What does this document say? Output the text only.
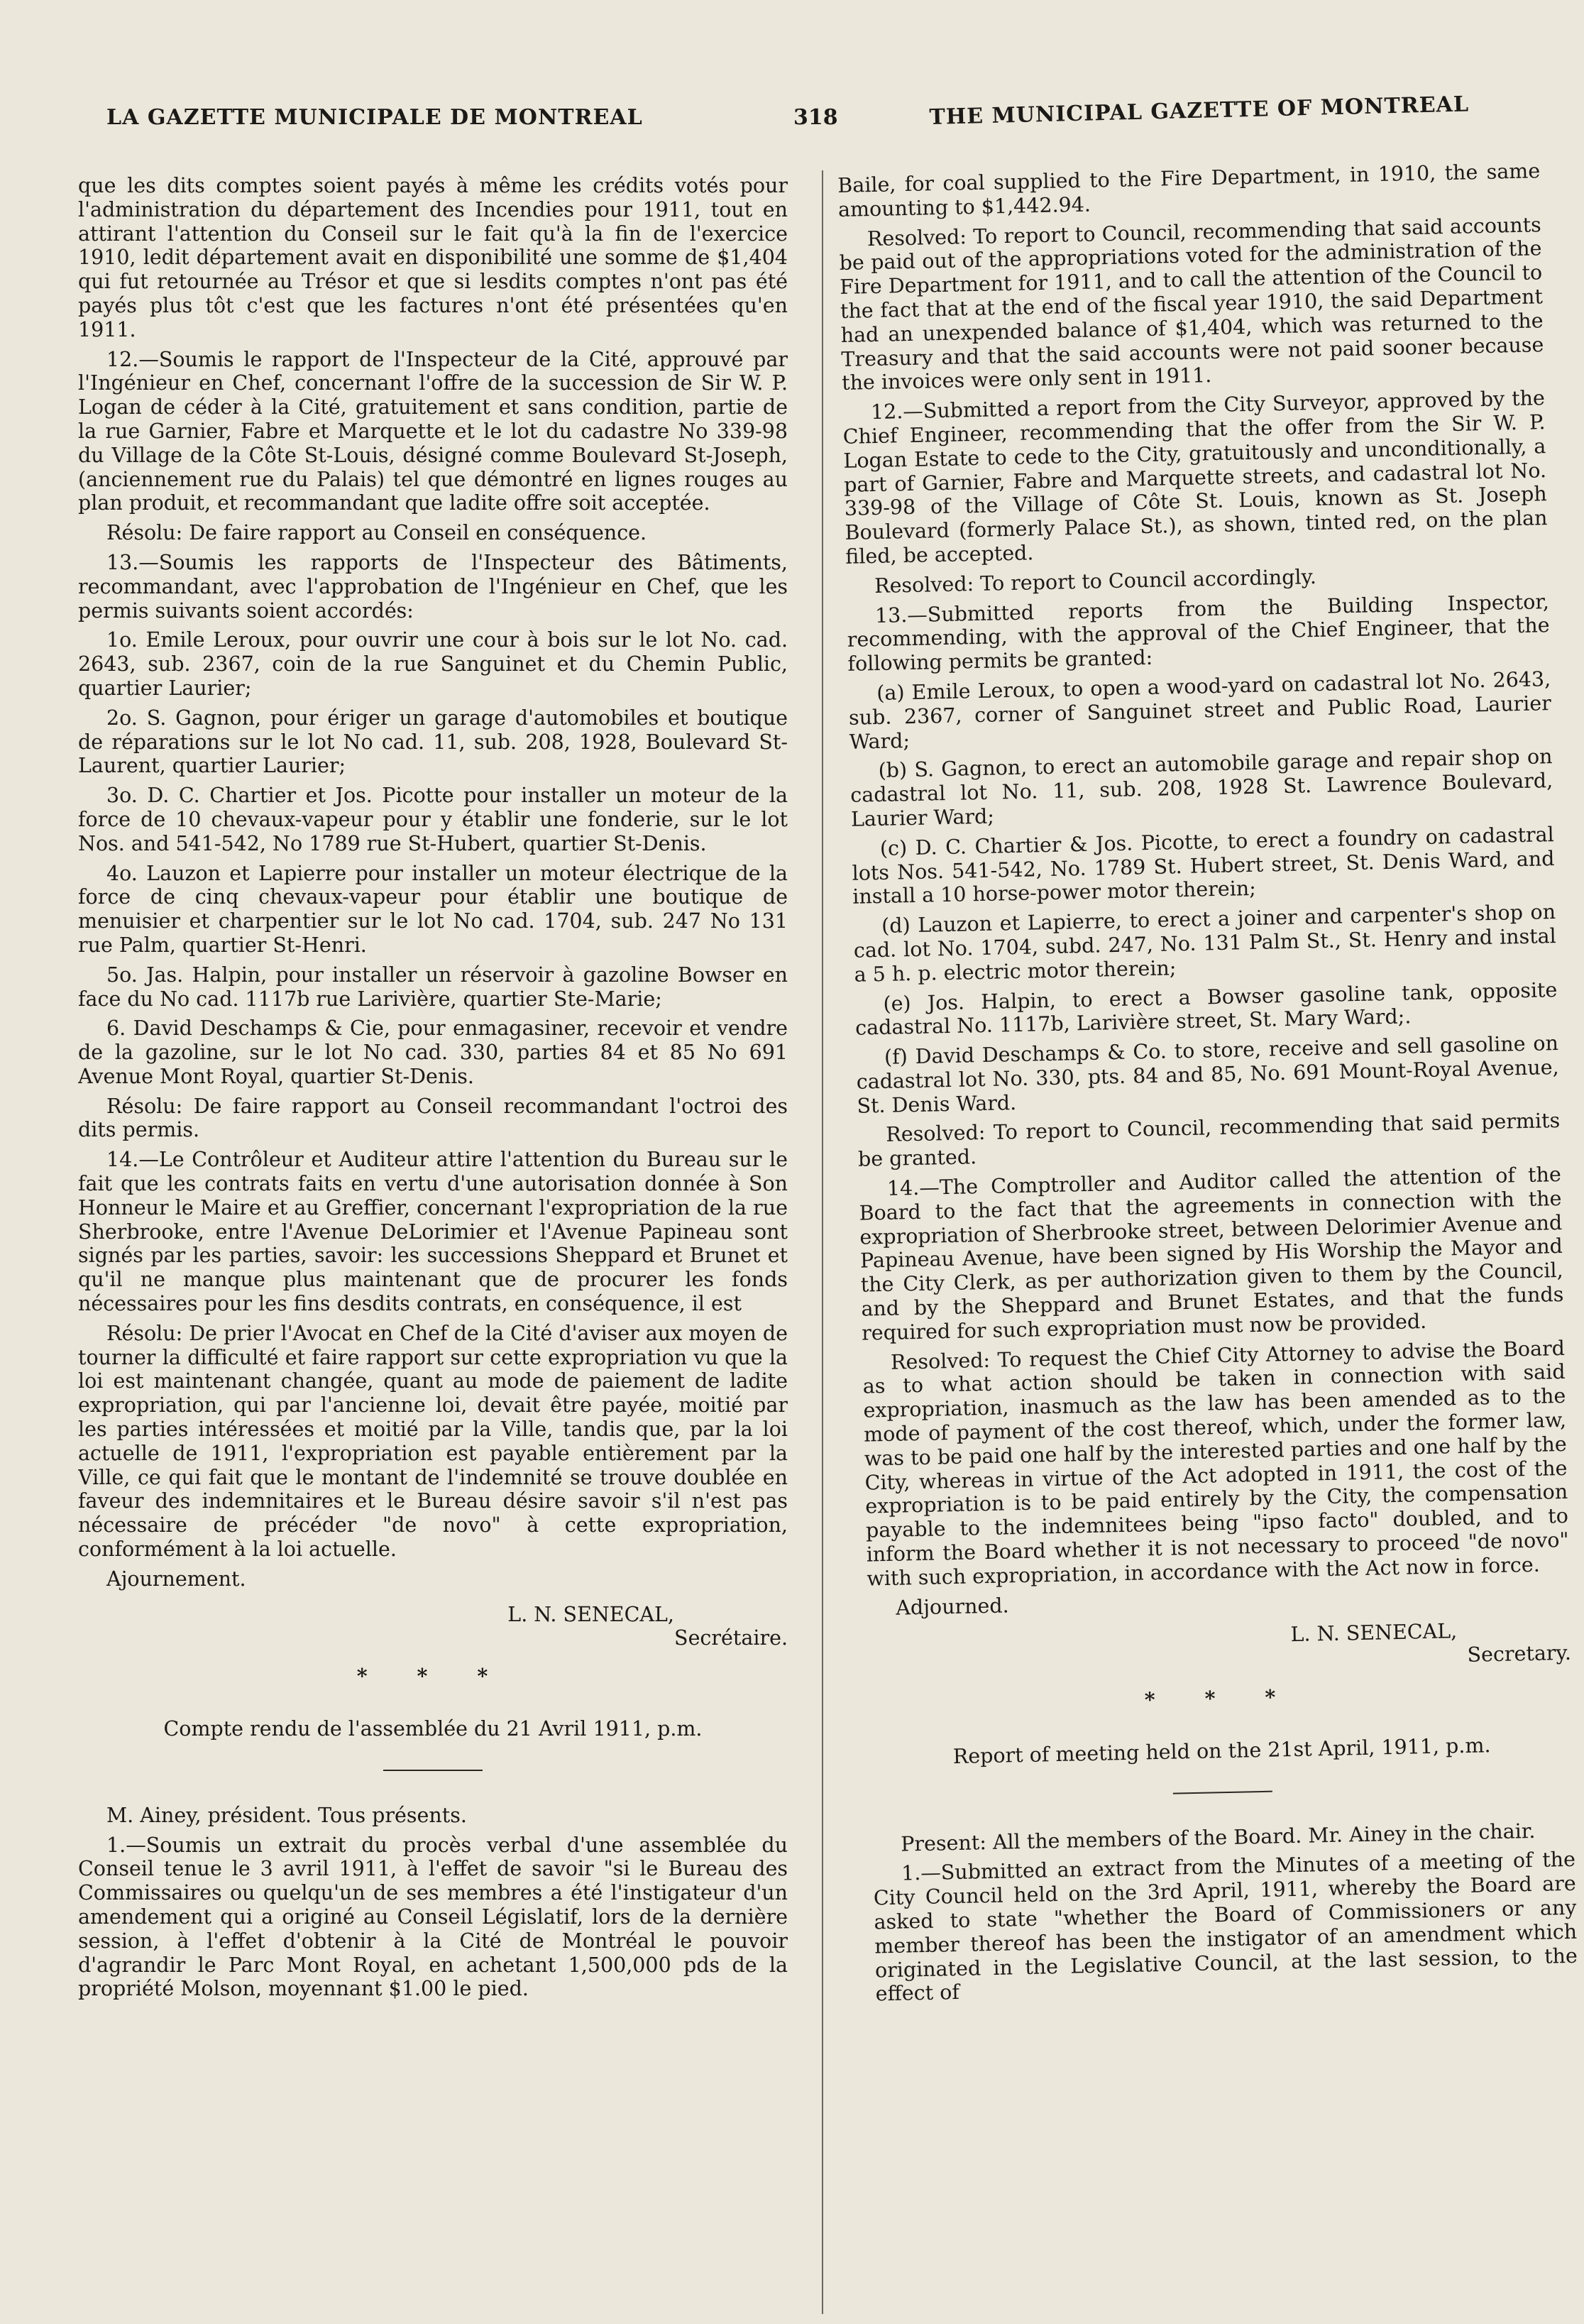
LA GAZETTE MUNICIPALE DE MONTREAL	318	THE MUNICIPAL GAZETTE OF MONTREAL

que les dits comptes soient payés à même les crédits votés pour l'administration du département des Incendies pour 1911, tout en attirant l'attention du Conseil sur le fait qu'à la fin de l'exercice 1910, ledit département avait en disponibilité une somme de $1,404 qui fut retournée au Trésor et que si lesdits comptes n'ont pas été payés plus tôt c'est que les factures n'ont été présentées qu'en 1911.

12.—Soumis le rapport de l'Inspecteur de la Cité, approuvé par l'Ingénieur en Chef, concernant l'offre de la succession de Sir W. P. Logan de céder à la Cité, gratuitement et sans condition, partie de la rue Garnier, Fabre et Marquette et le lot du cadastre No 339-98 du Village de la Côte St-Louis, désigné comme Boulevard St-Joseph, (anciennement rue du Palais) tel que démontré en lignes rouges au plan produit, et recommandant que ladite offre soit acceptée.

Résolu: De faire rapport au Conseil en conséquence.

13.—Soumis les rapports de l'Inspecteur des Bâtiments, recommandant, avec l'approbation de l'Ingénieur en Chef, que les permis suivants soient accordés:

1o. Emile Leroux, pour ouvrir une cour à bois sur le lot No. cad. 2643, sub. 2367, coin de la rue Sanguinet et du Chemin Public, quartier Laurier;

2o. S. Gagnon, pour ériger un garage d'automobiles et boutique de réparations sur le lot No cad. 11, sub. 208, 1928, Boulevard St-Laurent, quartier Laurier;

3o. D. C. Chartier et Jos. Picotte pour installer un moteur de la force de 10 chevaux-vapeur pour y établir une fonderie, sur le lot Nos. and 541-542, No 1789 rue St-Hubert, quartier St-Denis.

4o. Lauzon et Lapierre pour installer un moteur électrique de la force de cinq chevaux-vapeur pour établir une boutique de menuisier et charpentier sur le lot No cad. 1704, sub. 247 No 131 rue Palm, quartier St-Henri.

5o. Jas. Halpin, pour installer un réservoir à gazoline Bowser en face du No cad. 1117b rue Larivière, quartier Ste-Marie;

6. David Deschamps & Cie, pour enmagasiner, recevoir et vendre de la gazoline, sur le lot No cad. 330, parties 84 et 85 No 691 Avenue Mont Royal, quartier St-Denis.

Résolu: De faire rapport au Conseil recommandant l'octroi des dits permis.

14.—Le Contrôleur et Auditeur attire l'attention du Bureau sur le fait que les contrats faits en vertu d'une autorisation donnée à Son Honneur le Maire et au Greffier, concernant l'expropriation de la rue Sherbrooke, entre l'Avenue DeLorimier et l'Avenue Papineau sont signés par les parties, savoir: les successions Sheppard et Brunet et qu'il ne manque plus maintenant que de procurer les fonds nécessaires pour les fins desdits contrats, en conséquence, il est

Résolu: De prier l'Avocat en Chef de la Cité d'aviser aux moyen de tourner la difficulté et faire rapport sur cette expropriation vu que la loi est maintenant changée, quant au mode de paiement de ladite expropriation, qui par l'ancienne loi, devait être payée, moitié par les parties intéressées et moitié par la Ville, tandis que, par la loi actuelle de 1911, l'expropriation est payable entièrement par la Ville, ce qui fait que le montant de l'indemnité se trouve doublée en faveur des indemnitaires et le Bureau désire savoir s'il n'est pas nécessaire de précéder "de novo" à cette expropriation, conformément à la loi actuelle.

Ajournement.

L. N. SENECAL,

Secrétaire.

* * *

Compte rendu de l'assemblée du 21 Avril 1911, p.m.

M. Ainey, président. Tous présents.

1.—Soumis un extrait du procès verbal d'une assemblée du Conseil tenue le 3 avril 1911, à l'effet de savoir "si le Bureau des Commissaires ou quelqu'un de ses membres a été l'instigateur d'un amendement qui a originé au Conseil Législatif, lors de la dernière session, à l'effet d'obtenir à la Cité de Montréal le pouvoir d'agrandir le Parc Mont Royal, en achetant 1,500,000 pds de la propriété Molson, moyennant $1.00 le pied.

Baile, for coal supplied to the Fire Department, in 1910, the same amounting to $1,442.94.

Resolved: To report to Council, recommending that said accounts be paid out of the appropriations voted for the administration of the Fire Department for 1911, and to call the attention of the Council to the fact that at the end of the fiscal year 1910, the said Department had an unexpended balance of $1,404, which was returned to the Treasury and that the said accounts were not paid sooner because the invoices were only sent in 1911.

12.—Submitted a report from the City Surveyor, approved by the Chief Engineer, recommending that the offer from the Sir W. P. Logan Estate to cede to the City, gratuitously and unconditionally, a part of Garnier, Fabre and Marquette streets, and cadastral lot No. 339-98 of the Village of Côte St. Louis, known as St. Joseph Boulevard (formerly Palace St.), as shown, tinted red, on the plan filed, be accepted.

Resolved: To report to Council accordingly.

13.—Submitted reports from the Building Inspector, recommending, with the approval of the Chief Engineer, that the following permits be granted:

(a) Emile Leroux, to open a wood-yard on cadastral lot No. 2643, sub. 2367, corner of Sanguinet street and Public Road, Laurier Ward;

(b) S. Gagnon, to erect an automobile garage and repair shop on cadastral lot No. 11, sub. 208, 1928 St. Lawrence Boulevard, Laurier Ward;

(c) D. C. Chartier & Jos. Picotte, to erect a foundry on cadastral lots Nos. 541-542, No. 1789 St. Hubert street, St. Denis Ward, and install a 10 horse-power motor therein;

(d) Lauzon et Lapierre, to erect a joiner and carpenter's shop on cad. lot No. 1704, subd. 247, No. 131 Palm St., St. Henry and instal a 5 h. p. electric motor therein;

(e) Jos. Halpin, to erect a Bowser gasoline tank, opposite cadastral No. 1117b, Larivière street, St. Mary Ward;.

(f) David Deschamps & Co. to store, receive and sell gasoline on cadastral lot No. 330, pts. 84 and 85, No. 691 Mount-Royal Avenue, St. Denis Ward.

Resolved: To report to Council, recommending that said permits be granted.

14.—The Comptroller and Auditor called the attention of the Board to the fact that the agreements in connection with the expropriation of Sherbrooke street, between Delorimier Avenue and Papineau Avenue, have been signed by His Worship the Mayor and the City Clerk, as per authorization given to them by the Council, and by the Sheppard and Brunet Estates, and that the funds required for such expropriation must now be provided.

Resolved: To request the Chief City Attorney to advise the Board as to what action should be taken in connection with said expropriation, inasmuch as the law has been amended as to the mode of payment of the cost thereof, which, under the former law, was to be paid one half by the interested parties and one half by the City, whereas in virtue of the Act adopted in 1911, the cost of the expropriation is to be paid entirely by the City, the compensation payable to the indemnitees being "ipso facto" doubled, and to inform the Board whether it is not necessary to proceed "de novo" with such expropriation, in accordance with the Act now in force.

Adjourned.

L. N. SENECAL,

Secretary.

* * *

Report of meeting held on the 21st April, 1911, p.m.

Present: All the members of the Board. Mr. Ainey in the chair.

1.—Submitted an extract from the Minutes of a meeting of the City Council held on the 3rd April, 1911, whereby the Board are asked to state "whether the Board of Commissioners or any member thereof has been the instigator of an amendment which originated in the Legislative Council, at the last session, to the effect of
